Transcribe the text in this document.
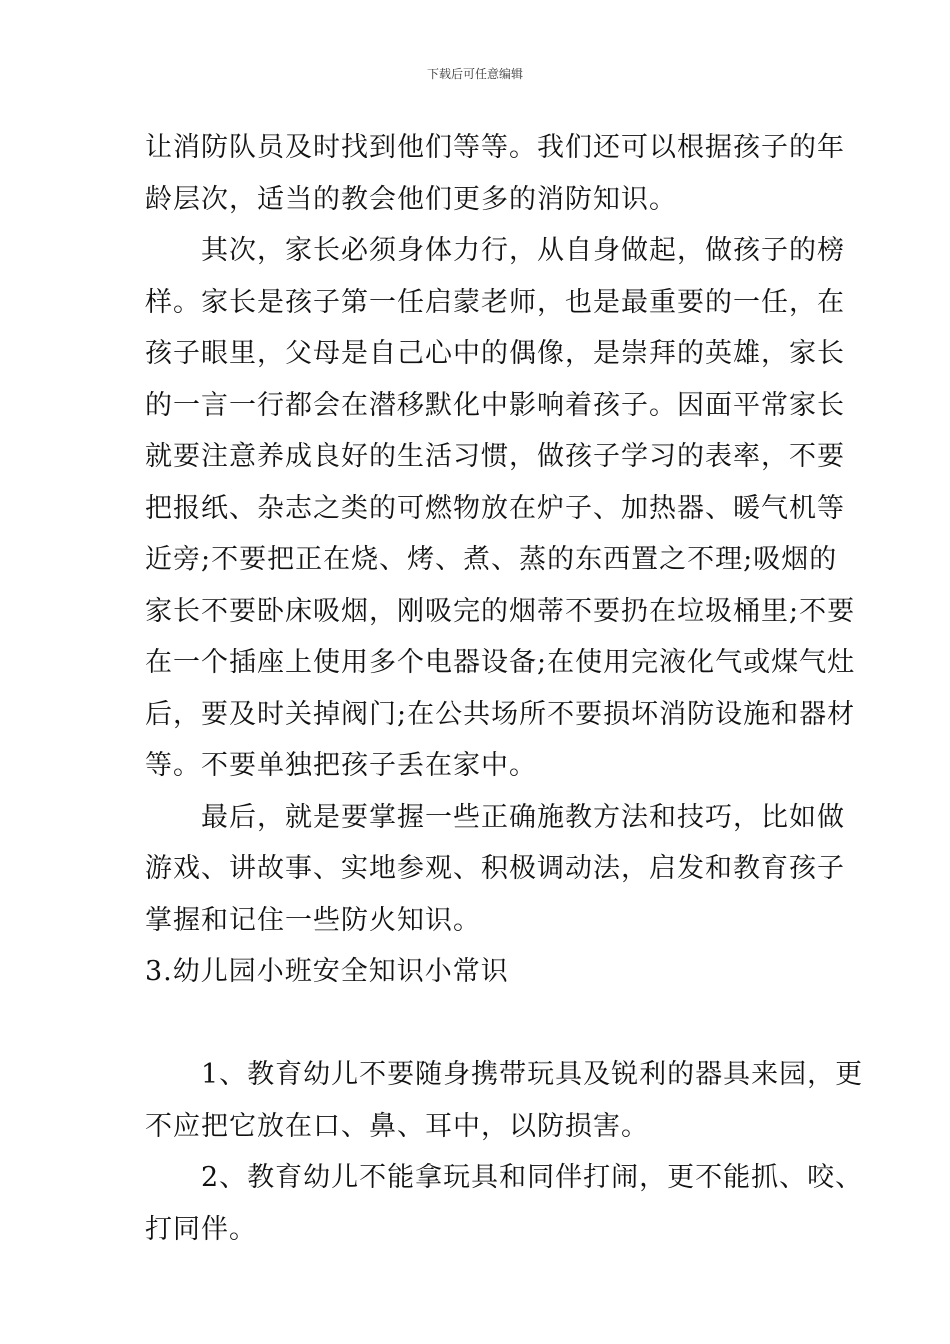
下载后可任意编辑
让消防队员及时找到他们等等。我们还可以根据孩子的年
龄层次，适当的教会他们更多的消防知识。
　　其次，家长必须身体力行，从自身做起，做孩子的榜
样。家长是孩子第一任启蒙老师，也是最重要的一任，在
孩子眼里，父母是自己心中的偶像，是崇拜的英雄，家长
的一言一行都会在潜移默化中影响着孩子。因面平常家长
就要注意养成良好的生活习惯，做孩子学习的表率，不要
把报纸、杂志之类的可燃物放在炉子、加热器、暖气机等
近旁;不要把正在烧、烤、煮、蒸的东西置之不理;吸烟的
家长不要卧床吸烟，刚吸完的烟蒂不要扔在垃圾桶里;不要
在一个插座上使用多个电器设备;在使用完液化气或煤气灶
后，要及时关掉阀门;在公共场所不要损坏消防设施和器材
等。不要单独把孩子丢在家中。
　　最后，就是要掌握一些正确施教方法和技巧，比如做
游戏、讲故事、实地参观、积极调动法，启发和教育孩子
掌握和记住一些防火知识。
3.幼儿园小班安全知识小常识
　　1、教育幼儿不要随身携带玩具及锐利的器具来园，更
不应把它放在口、鼻、耳中，以防损害。
　　2、教育幼儿不能拿玩具和同伴打闹，更不能抓、咬、
打同伴。
